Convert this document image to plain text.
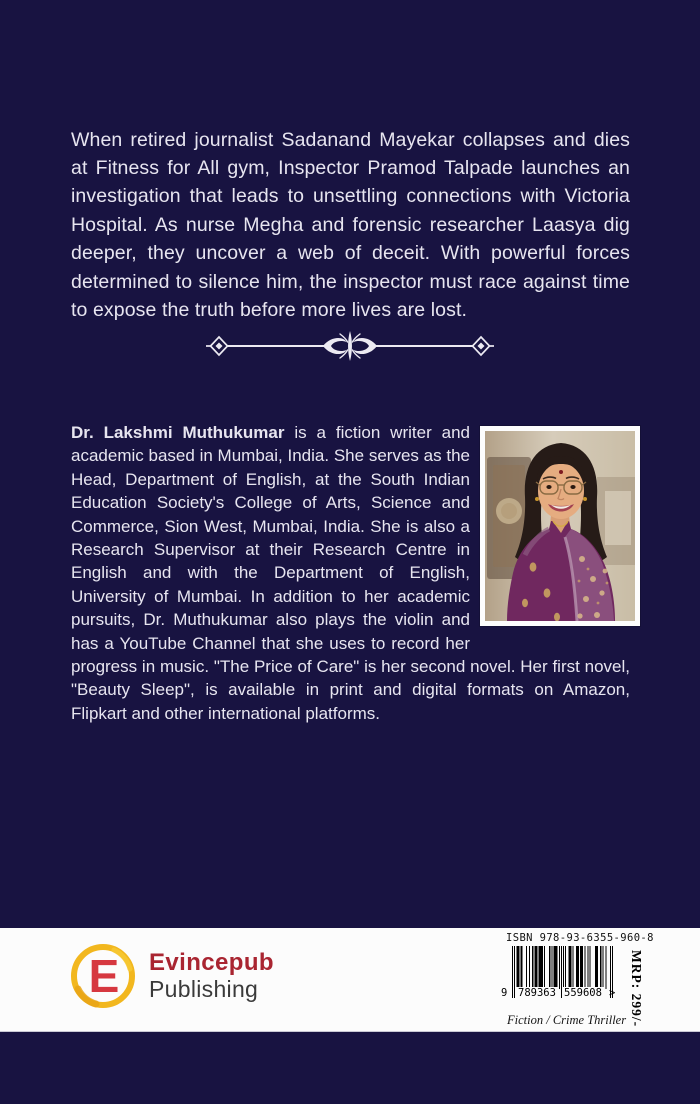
When retired journalist Sadanand Mayekar collapses and dies at Fitness for All gym, Inspector Pramod Talpade launches an investigation that leads to unsettling connections with Victoria Hospital. As nurse Megha and forensic researcher Laasya dig deeper, they uncover a web of deceit. With powerful forces determined to silence him, the inspector must race against time to expose the truth before more lives are lost.

Dr. Lakshmi Muthukumar is a fiction writer and academic based in Mumbai, India. She serves as the Head, Department of English, at the South Indian Education Society's College of Arts, Science and Commerce, Sion West, Mumbai, India. She is also a Research Supervisor at their Research Centre in English and with the Department of English, University of Mumbai. In addition to her academic pursuits, Dr. Muthukumar also plays the violin and has a YouTube Channel that she uses to record her progress in music. "The Price of Care" is her second novel. Her first novel, "Beauty Sleep", is available in print and digital formats on Amazon, Flipkart and other international platforms.
E Evincepub
Publishing
ISBN 978-93-6355-960-8
9 789363 559608 > MRP: 299/-
Fiction / Crime Thriller
